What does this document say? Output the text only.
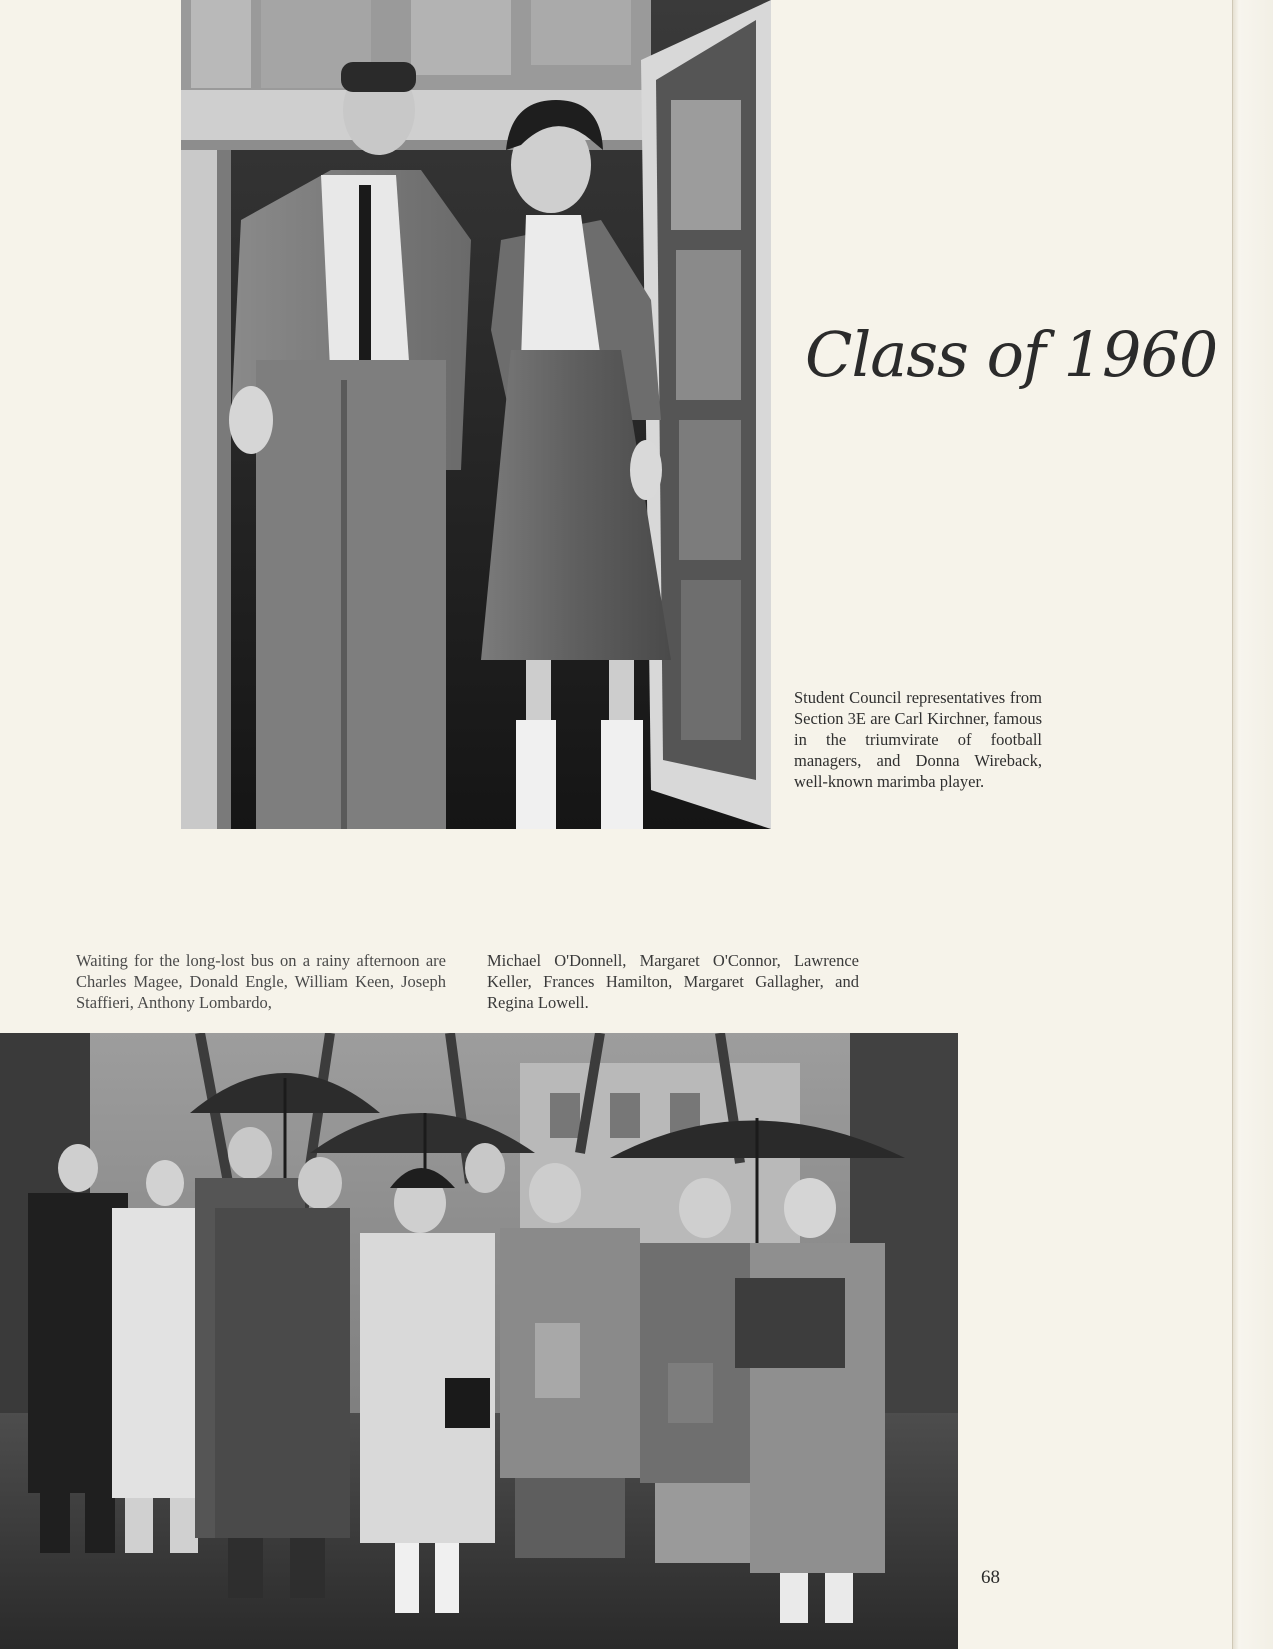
Class of 1960

Student Council representatives from Section 3E are Carl Kirchner, famous in the triumvirate of football managers, and Donna Wireback, well-known marimba player.

Waiting for the long-lost bus on a rainy afternoon are Charles Magee, Donald Engle, William Keen, Joseph Staffieri, Anthony Lombardo,

Michael O'Donnell, Margaret O'Connor, Lawrence Keller, Frances Hamilton, Margaret Gallagher, and Regina Lowell.

68
